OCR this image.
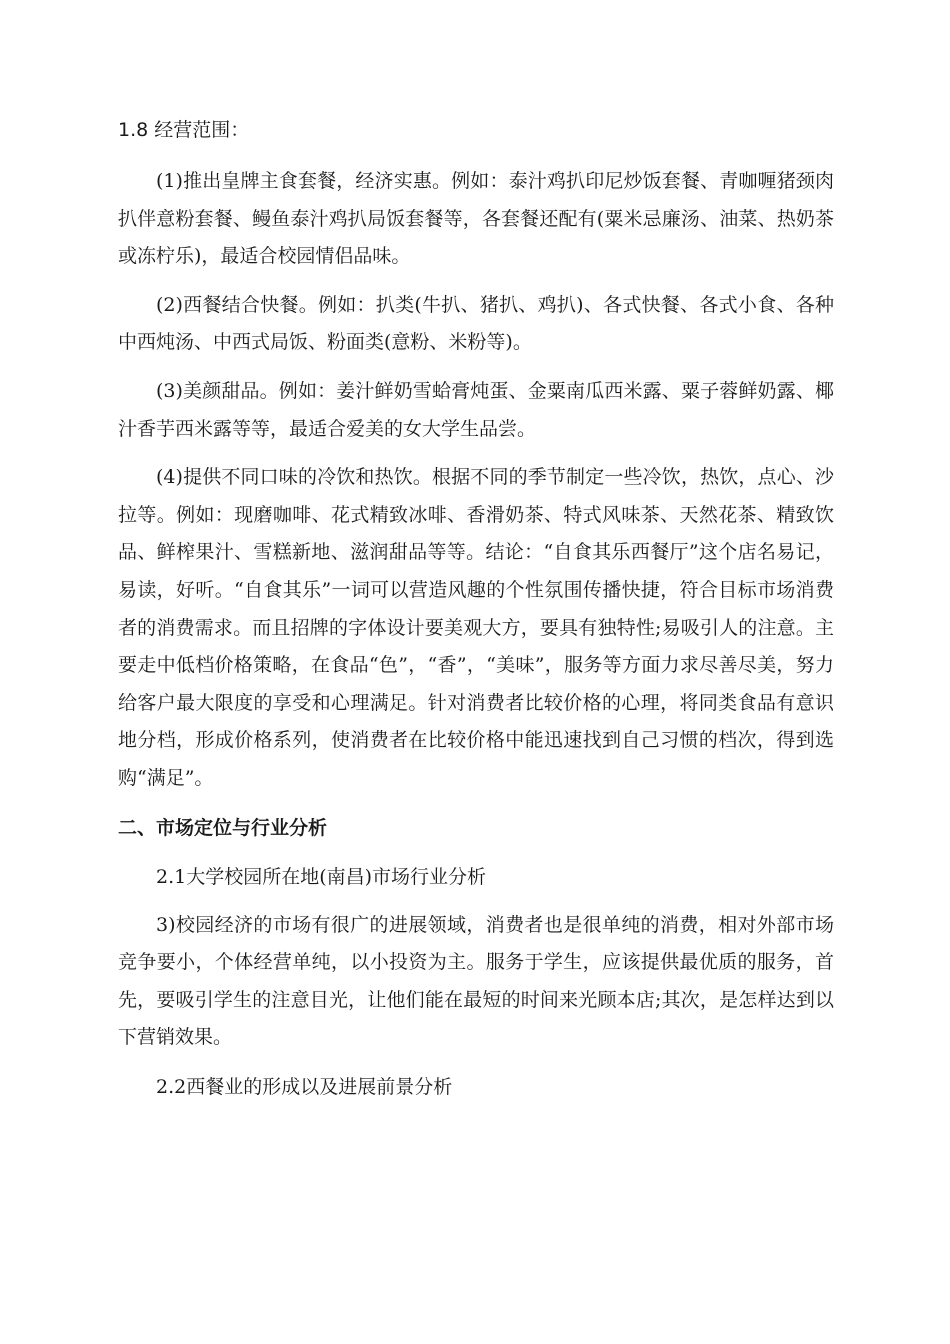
1.8 经营范围：

(1)推出皇牌主食套餐，经济实惠。例如：泰汁鸡扒印尼炒饭套餐、青咖喱猪颈肉扒伴意粉套餐、鳗鱼泰汁鸡扒局饭套餐等，各套餐还配有(粟米忌廉汤、油菜、热奶茶或冻柠乐)，最适合校园情侣品味。

(2)西餐结合快餐。例如：扒类(牛扒、猪扒、鸡扒)、各式快餐、各式小食、各种中西炖汤、中西式局饭、粉面类(意粉、米粉等)。

(3)美颜甜品。例如：姜汁鲜奶雪蛤膏炖蛋、金粟南瓜西米露、粟子蓉鲜奶露、椰汁香芋西米露等等，最适合爱美的女大学生品尝。

(4)提供不同口味的冷饮和热饮。根据不同的季节制定一些冷饮，热饮，点心、沙拉等。例如：现磨咖啡、花式精致冰啡、香滑奶茶、特式风味茶、天然花茶、精致饮品、鲜榨果汁、雪糕新地、滋润甜品等等。结论：“自食其乐西餐厅”这个店名易记，易读，好听。“自食其乐”一词可以营造风趣的个性氛围传播快捷，符合目标市场消费者的消费需求。而且招牌的字体设计要美观大方，要具有独特性;易吸引人的注意。主要走中低档价格策略，在食品“色”，“香”，“美味”，服务等方面力求尽善尽美，努力给客户最大限度的享受和心理满足。针对消费者比较价格的心理，将同类食品有意识地分档，形成价格系列，使消费者在比较价格中能迅速找到自己习惯的档次，得到选购“满足”。

二、市场定位与行业分析

2.1大学校园所在地(南昌)市场行业分析

3)校园经济的市场有很广的进展领域，消费者也是很单纯的消费，相对外部市场竞争要小，个体经营单纯，以小投资为主。服务于学生，应该提供最优质的服务，首先，要吸引学生的注意目光，让他们能在最短的时间来光顾本店;其次，是怎样达到以下营销效果。

2.2西餐业的形成以及进展前景分析
